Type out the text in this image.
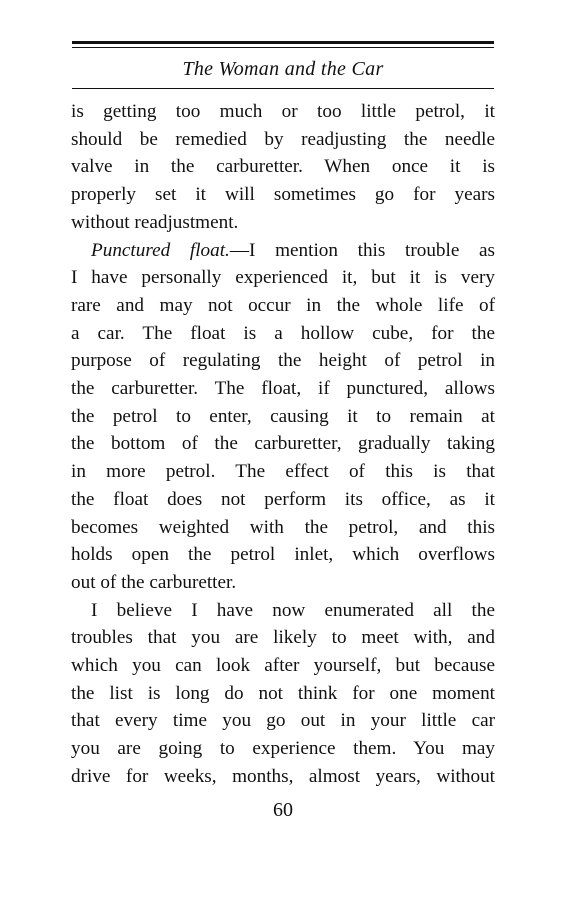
The Woman and the Car
is getting too much or too little petrol, it
should be remedied by readjusting the needle
valve in the carburetter. When once it is
properly set it will sometimes go for years
without readjustment.
Punctured float.—I mention this trouble as
I have personally experienced it, but it is very
rare and may not occur in the whole life of
a car. The float is a hollow cube, for the
purpose of regulating the height of petrol in
the carburetter. The float, if punctured, allows
the petrol to enter, causing it to remain at
the bottom of the carburetter, gradually taking
in more petrol. The effect of this is that
the float does not perform its office, as it
becomes weighted with the petrol, and this
holds open the petrol inlet, which overflows
out of the carburetter.
I believe I have now enumerated all the
troubles that you are likely to meet with, and
which you can look after yourself, but because
the list is long do not think for one moment
that every time you go out in your little car
you are going to experience them. You may
drive for weeks, months, almost years, without
60
